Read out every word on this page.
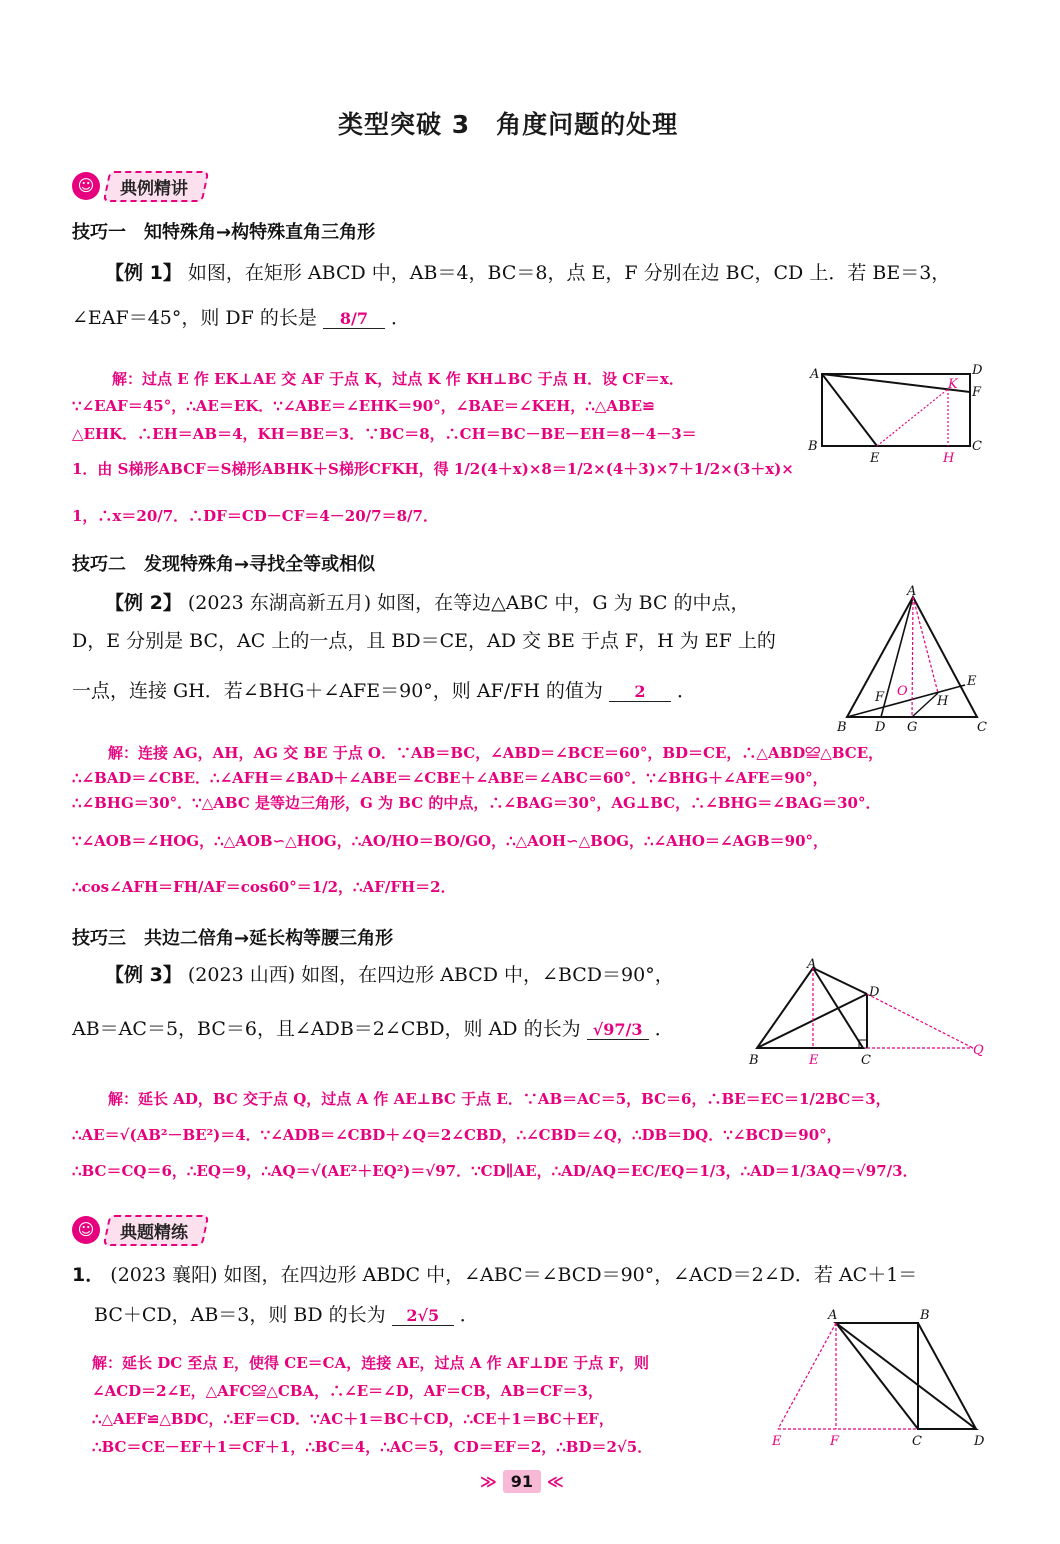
类型突破 3　角度问题的处理
☺	典例精讲
技巧一　知特殊角→构特殊直角三角形
【例 1】 如图，在矩形 ABCD 中，AB＝4，BC＝8，点 E，F 分别在边 BC，CD 上．若 BE＝3，
∠EAF＝45°，则 DF 的长是 8/7 ．
解：过点 E 作 EK⊥AE 交 AF 于点 K，过点 K 作 KH⊥BC 于点 H．设 CF＝x．
∵∠EAF＝45°，∴AE＝EK．∵∠ABE＝∠EHK＝90°，∠BAE＝∠KEH，∴△ABE≌
△EHK．∴EH＝AB＝4，KH＝BE＝3．∵BC＝8，∴CH＝BC－BE－EH＝8－4－3＝
1．由 S梯形ABCF＝S梯形ABHK＋S梯形CFKH，得 1/2(4＋x)×8＝1/2×(4＋3)×7＋1/2×(3＋x)×
1，∴x＝20/7．∴DF＝CD－CF＝4－20/7＝8/7．
A	D
F
K
B	C
E	H
技巧二　发现特殊角→寻找全等或相似
【例 2】 (2023 东湖高新五月) 如图，在等边△ABC 中，G 为 BC 的中点，
D，E 分别是 BC，AC 上的一点，且 BD＝CE，AD 交 BE 于点 F，H 为 EF 上的
一点，连接 GH．若∠BHG＋∠AFE＝90°，则 AF/FH 的值为 2 ．
A
B D G	C
E
F O
H
解：连接 AG，AH，AG 交 BE 于点 O．∵AB＝BC，∠ABD＝∠BCE＝60°，BD＝CE，∴△ABD≌△BCE，
∴∠BAD＝∠CBE．∴∠AFH＝∠BAD＋∠ABE＝∠CBE＋∠ABE＝∠ABC＝60°．∵∠BHG＋∠AFE＝90°，
∴∠BHG＝30°．∵△ABC 是等边三角形，G 为 BC 的中点，∴∠BAG＝30°，AG⊥BC，∴∠BHG＝∠BAG＝30°．
∵∠AOB＝∠HOG，∴△AOB∽△HOG，∴AO/HO＝BO/GO，∴△AOH∽△BOG，∴∠AHO＝∠AGB＝90°，
∴cos∠AFH＝FH/AF＝cos60°＝1/2，∴AF/FH＝2．
技巧三　共边二倍角→延长构等腰三角形
【例 3】 (2023 山西) 如图，在四边形 ABCD 中，∠BCD＝90°，
AB＝AC＝5，BC＝6，且∠ADB＝2∠CBD，则 AD 的长为 √97/3 ．
A
D
B	E	C
Q
解：延长 AD，BC 交于点 Q，过点 A 作 AE⊥BC 于点 E．∵AB＝AC＝5，BC＝6，∴BE＝EC＝1/2BC＝3，
∴AE＝√(AB²－BE²)＝4．∵∠ADB＝∠CBD＋∠Q＝2∠CBD，∴∠CBD＝∠Q，∴DB＝DQ．∵∠BCD＝90°，
∴BC＝CQ＝6，∴EQ＝9，∴AQ＝√(AE²＋EQ²)＝√97．∵CD∥AE，∴AD/AQ＝EC/EQ＝1/3，∴AD＝1/3AQ＝√97/3．
☺	典题精练
1． (2023 襄阳) 如图，在四边形 ABDC 中，∠ABC＝∠BCD＝90°，∠ACD＝2∠D．若 AC＋1＝
BC＋CD，AB＝3，则 BD 的长为 2√5 ．
解：延长 DC 至点 E，使得 CE＝CA，连接 AE，过点 A 作 AF⊥DE 于点 F，则
∠ACD＝2∠E，△AFC≌△CBA，∴∠E＝∠D，AF＝CB，AB＝CF＝3，
∴△AEF≌△BDC，∴EF＝CD．∵AC＋1＝BC＋CD，∴CE＋1＝BC＋EF，
∴BC＝CE－EF＋1＝CF＋1，∴BC＝4，∴AC＝5，CD＝EF＝2，∴BD＝2√5．
A	B
E	F	C	D
≫ 91 ≪
